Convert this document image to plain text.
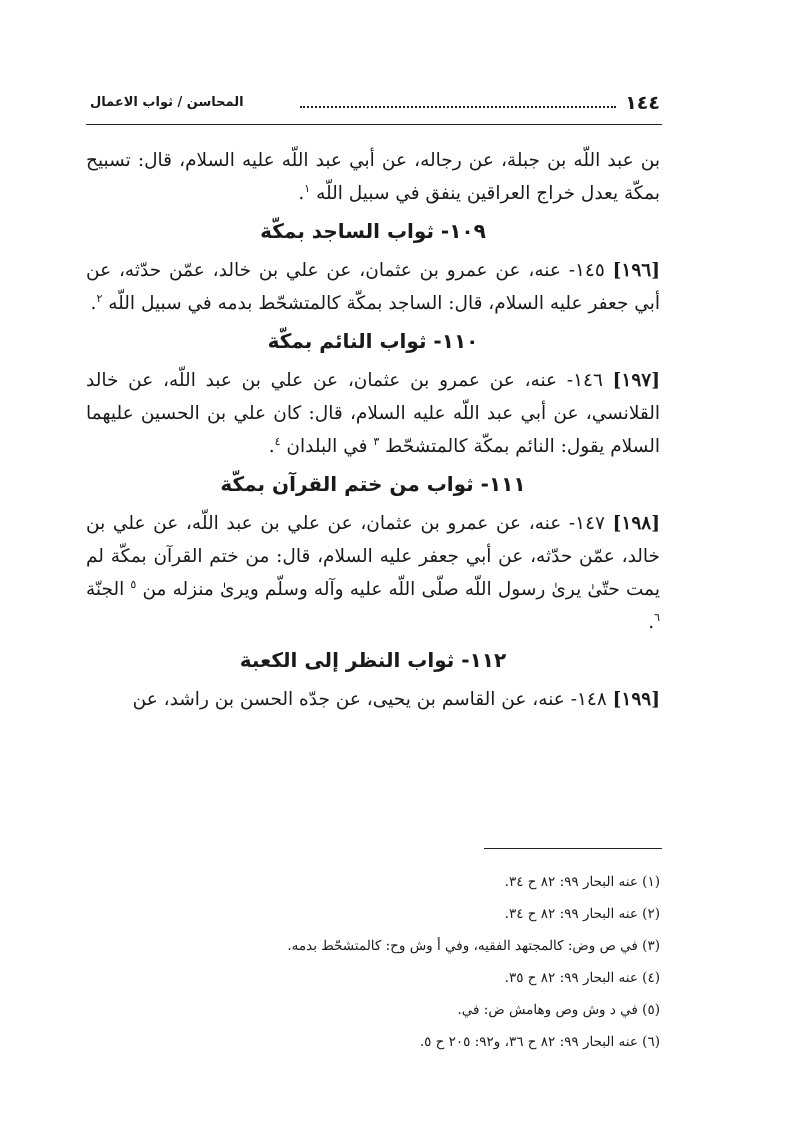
١٤٤
المحاسن / ثواب الاعمال

بن عبد اللّه بن جبلة، عن رجاله، عن أبي عبد اللّه عليه السلام، قال: تسبيح بمكّة يعدل خراج العراقين ينفق في سبيل اللّه $^١$.

١٠٩- ثواب الساجد بمكّة

[١٩٦] ١٤٥- عنه، عن عمرو بن عثمان، عن علي بن خالد، عمّن حدّثه، عن أبي جعفر عليه السلام، قال: الساجد بمكّة كالمتشحّط بدمه في سبيل اللّه $^٢$.

١١٠- ثواب النائم بمكّة

[١٩٧] ١٤٦- عنه، عن عمرو بن عثمان، عن علي بن عبد اللّه، عن خالد القلانسي، عن أبي عبد اللّه عليه السلام، قال: كان علي بن الحسين عليهما السلام يقول: النائم بمكّة كالمتشحّط $^٣$ في البلدان $^٤$.

١١١- ثواب من ختم القرآن بمكّة

[١٩٨] ١٤٧- عنه، عن عمرو بن عثمان، عن علي بن عبد اللّه، عن علي بن خالد، عمّن حدّثه، عن أبي جعفر عليه السلام، قال: من ختم القرآن بمكّة لم يمت حتّىٰ يرىٰ رسول اللّه صلّى اللّه عليه وآله وسلّم ويرىٰ منزله من $^٥$ الجنّة $^٦$.

١١٢- ثواب النظر إلى الكعبة

[١٩٩] ١٤٨- عنه، عن القاسم بن يحيى، عن جدّه الحسن بن راشد، عن

(١) عنه البحار ٩٩: ٨٢ ح ٣٤.
(٢) عنه البحار ٩٩: ٨٢ ح ٣٤.
(٣) في ص وض: كالمجتهد الفقيه، وفي أ وش وح: كالمتشحّط بدمه.
(٤) عنه البحار ٩٩: ٨٢ ح ٣٥.
(٥) في د وش وص وهامش ض: في.
(٦) عنه البحار ٩٩: ٨٢ ح ٣٦، و٩٢: ٢٠٥ ح ٥.
